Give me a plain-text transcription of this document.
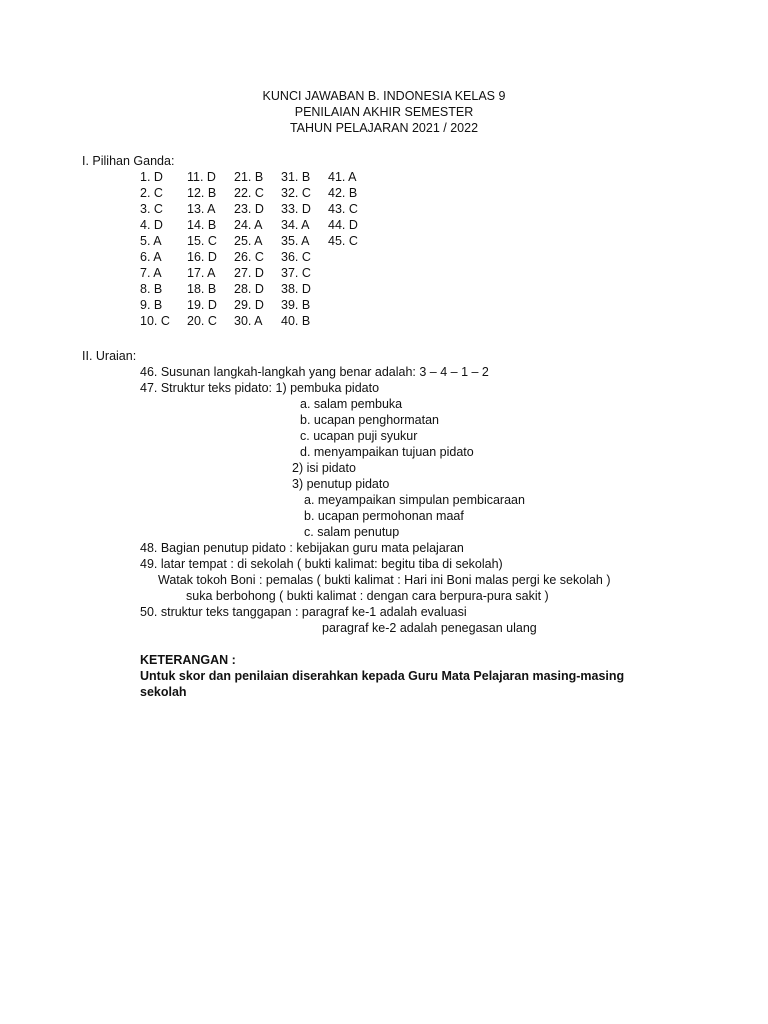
KUNCI JAWABAN B. INDONESIA KELAS 9
PENILAIAN AKHIR SEMESTER
TAHUN PELAJARAN 2021 / 2022
I. Pilihan Ganda:
1. D	11. D	21. B	31. B	41. A
2. C	12. B	22. C	32. C	42. B
3. C	13. A	23. D	33. D	43. C
4. D	14. B	24. A	34. A	44. D
5. A	15. C	25. A	35. A	45. C
6. A	16. D	26. C	36. C
7. A	17. A	27. D	37. C
8. B	18. B	28. D	38. D
9. B	19. D	29. D	39. B
10. C	20. C	30. A	40. B
II. Uraian:
46. Susunan langkah-langkah yang benar adalah: 3 – 4 – 1 – 2
47. Struktur teks pidato: 1) pembuka pidato
a. salam pembuka
b. ucapan penghormatan
c. ucapan puji syukur
d. menyampaikan tujuan pidato
2) isi pidato
3) penutup pidato
a. meyampaikan simpulan pembicaraan
b. ucapan permohonan maaf
c. salam penutup
48. Bagian penutup pidato : kebijakan guru mata pelajaran
49. latar tempat : di sekolah ( bukti kalimat: begitu tiba di sekolah)
Watak tokoh Boni : pemalas ( bukti kalimat : Hari ini Boni malas pergi ke sekolah )
suka berbohong ( bukti kalimat : dengan cara berpura-pura sakit )
50. struktur teks tanggapan : paragraf ke-1 adalah evaluasi
paragraf ke-2 adalah penegasan ulang
KETERANGAN :
Untuk skor dan penilaian diserahkan kepada Guru Mata Pelajaran masing-masing
sekolah
